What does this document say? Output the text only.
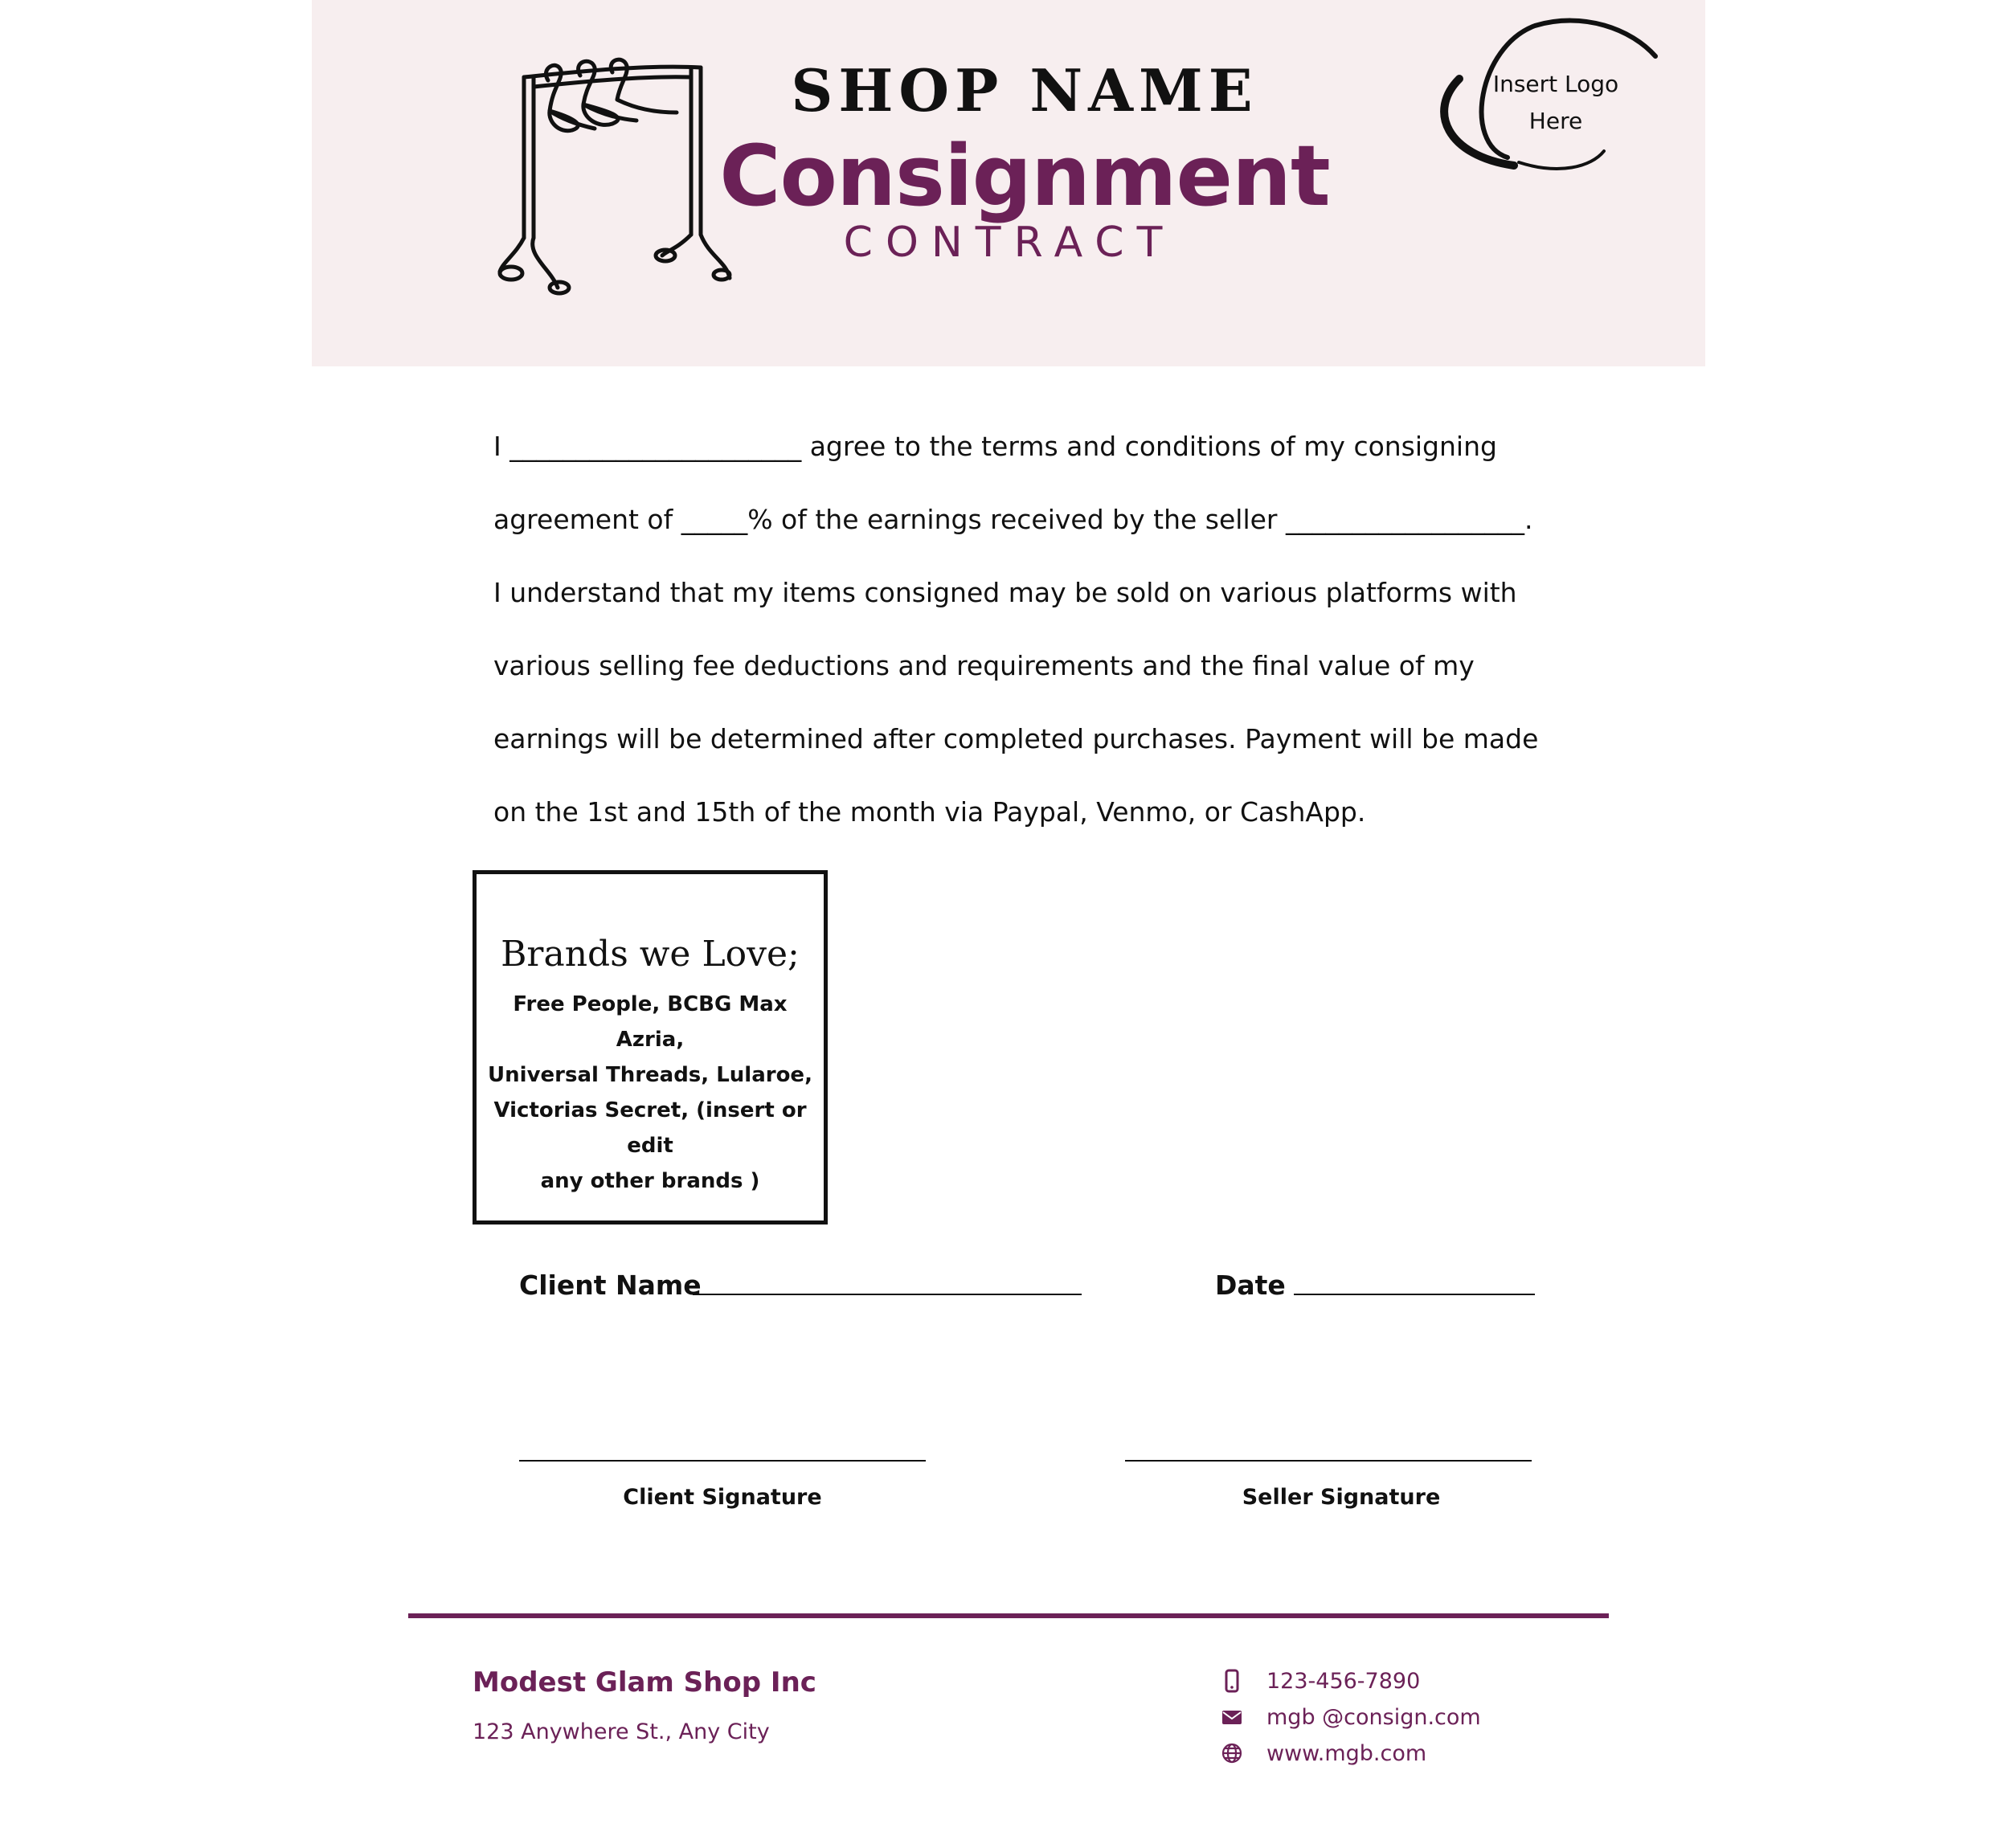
SHOP NAME
Consignment
CONTRACT
Insert Logo Here
I ______________________ agree to the terms and conditions of my consigning
agreement of _____% of the earnings received by the seller __________________.
I understand that my items consigned may be sold on various platforms with
various selling fee deductions and requirements and the final value of my
earnings will be determined after completed purchases. Payment will be made
on the 1st and 15th of the month via Paypal, Venmo, or CashApp.
Brands we Love;
Free People, BCBG Max Azria,
Universal Threads, Lularoe,
Victorias Secret, (insert or edit
any other brands )
Client Name	Date
Client Signature	Seller Signature
Modest Glam Shop Inc
123 Anywhere St., Any City
123-456-7890
mgb @consign.com
www.mgb.com
